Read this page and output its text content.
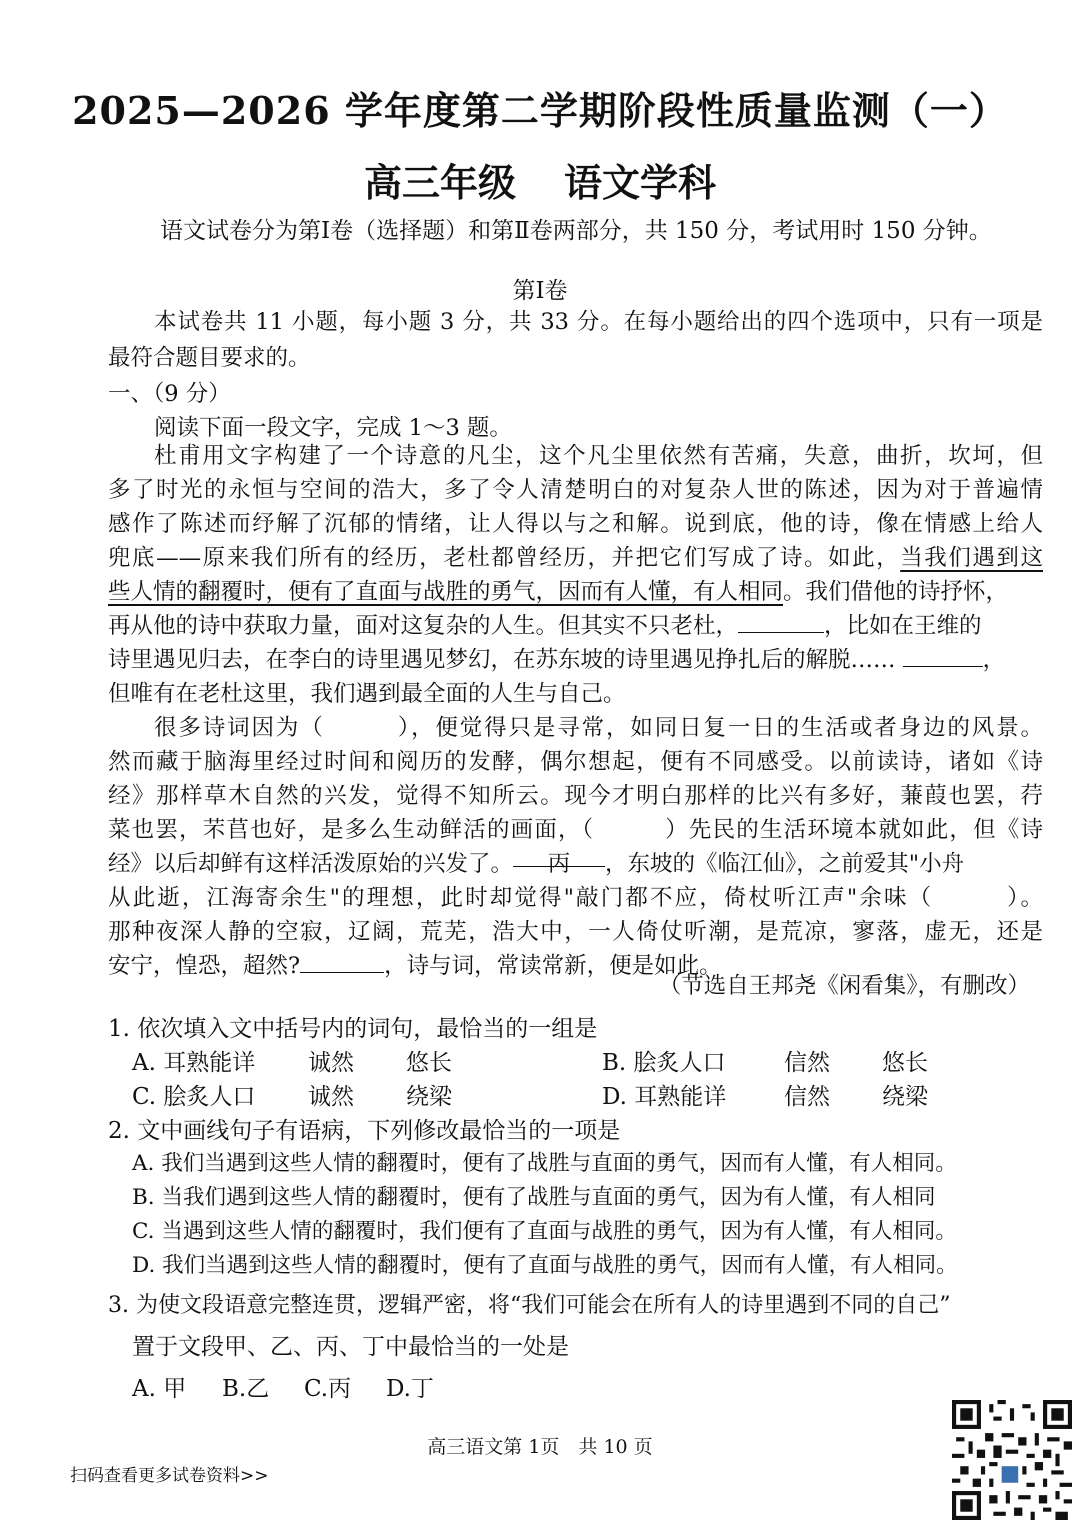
2025—2026 学年度第二学期阶段性质量监测（一）
高三年级 语文学科
语文试卷分为第Ⅰ卷（选择题）和第Ⅱ卷两部分，共 150 分，考试用时 150 分钟。
第Ⅰ卷
本试卷共 11 小题，每小题 3 分，共 33 分。在每小题给出的四个选项中，只有一项是
最符合题目要求的。
一、（9 分）
阅读下面一段文字，完成 1～3 题。
杜甫用文字构建了一个诗意的凡尘，这个凡尘里依然有苦痛，失意，曲折，坎坷，但
多了时光的永恒与空间的浩大，多了令人清楚明白的对复杂人世的陈述，因为对于普遍情
感作了陈述而纾解了沉郁的情绪，让人得以与之和解。说到底，他的诗，像在情感上给人
兜底——原来我们所有的经历，老杜都曾经历，并把它们写成了诗。如此，当我们遇到这
些人情的翻覆时，便有了直面与战胜的勇气，因而有人懂，有人相同。我们借他的诗抒怀，
再从他的诗中获取力量，面对这复杂的人生。但其实不只老杜，	，比如在王维的
诗里遇见归去，在李白的诗里遇见梦幻，在苏东坡的诗里遇见挣扎后的解脱……	，
但唯有在老杜这里，我们遇到最全面的人生与自己。
很多诗词因为（　　　），便觉得只是寻常，如同日复一日的生活或者身边的风景。
然而藏于脑海里经过时间和阅历的发酵，偶尔想起，便有不同感受。以前读诗，诸如《诗
经》那样草木自然的兴发，觉得不知所云。现今才明白那样的比兴有多好，蒹葭也罢，荇
菜也罢，芣苢也好，是多么生动鲜活的画面，（　　　）先民的生活环境本就如此，但《诗
经》以后却鲜有这样活泼原始的兴发了。 丙 ，东坡的《临江仙》，之前爱其"小舟
从此逝，江海寄余生"的理想，此时却觉得"敲门都不应，倚杖听江声"余味（　　　）。
那种夜深人静的空寂，辽阔，荒芜，浩大中，一人倚仗听潮，是荒凉，寥落，虚无，还是
安宁，惶恐，超然?	，诗与词，常读常新，便是如此。
（节选自王邦尧《闲看集》，有删改）
1. 依次填入文中括号内的词句，最恰当的一组是
A. 耳熟能详 诚然 悠长	B. 脍炙人口	信然 悠长
C. 脍炙人口 诚然 绕梁	D. 耳熟能详	信然 绕梁
2. 文中画线句子有语病，下列修改最恰当的一项是
A. 我们当遇到这些人情的翻覆时，便有了战胜与直面的勇气，因而有人懂，有人相同。
B. 当我们遇到这些人情的翻覆时，便有了战胜与直面的勇气，因为有人懂，有人相同
C. 当遇到这些人情的翻覆时，我们便有了直面与战胜的勇气，因为有人懂，有人相同。
D. 我们当遇到这些人情的翻覆时，便有了直面与战胜的勇气，因而有人懂，有人相同。
3. 为使文段语意完整连贯，逻辑严密，将“我们可能会在所有人的诗里遇到不同的自己”
置于文段甲、乙、丙、丁中最恰当的一处是
A. 甲 B.乙 C.丙 D.丁
高三语文第 1页　共 10 页
扫码查看更多试卷资料>>
